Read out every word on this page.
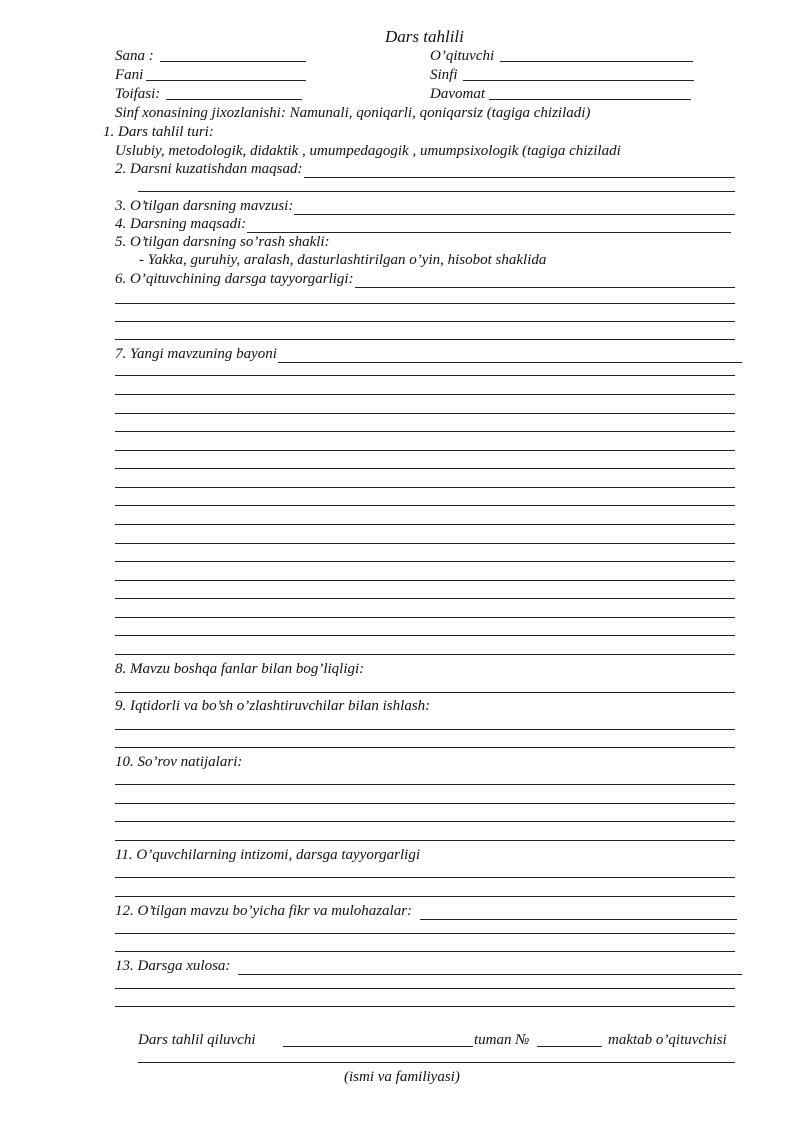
Dars tahlili
Sana :	O’qituvchi
Fani	Sinfi
Toifasi:	Davomat
Sinf xonasining jixozlanishi: Namunali, qoniqarli, qoniqarsiz (tagiga chiziladi)
1. Dars tahlil turi:
Uslubiy, metodologik, didaktik , umumpedagogik , umumpsixologik (tagiga chiziladi
2. Darsni kuzatishdan maqsad:
3. O’tilgan darsning mavzusi:
4. Darsning maqsadi:
5. O’tilgan darsning so’rash shakli:
- Yakka, guruhiy, aralash, dasturlashtirilgan o’yin, hisobot shaklida
6. O’qituvchining darsga tayyorgarligi:
7. Yangi mavzuning bayoni
8. Mavzu boshqa fanlar bilan bog’liqligi:
9. Iqtidorli va bo’sh o’zlashtiruvchilar bilan ishlash:
10. So’rov natijalari:
11. O’quvchilarning intizomi, darsga tayyorgarligi
12. O’tilgan mavzu bo’yicha fikr va mulohazalar:
13. Darsga xulosa:
Dars tahlil qiluvchi	tuman №	maktab o’qituvchisi
(ismi va familiyasi)
